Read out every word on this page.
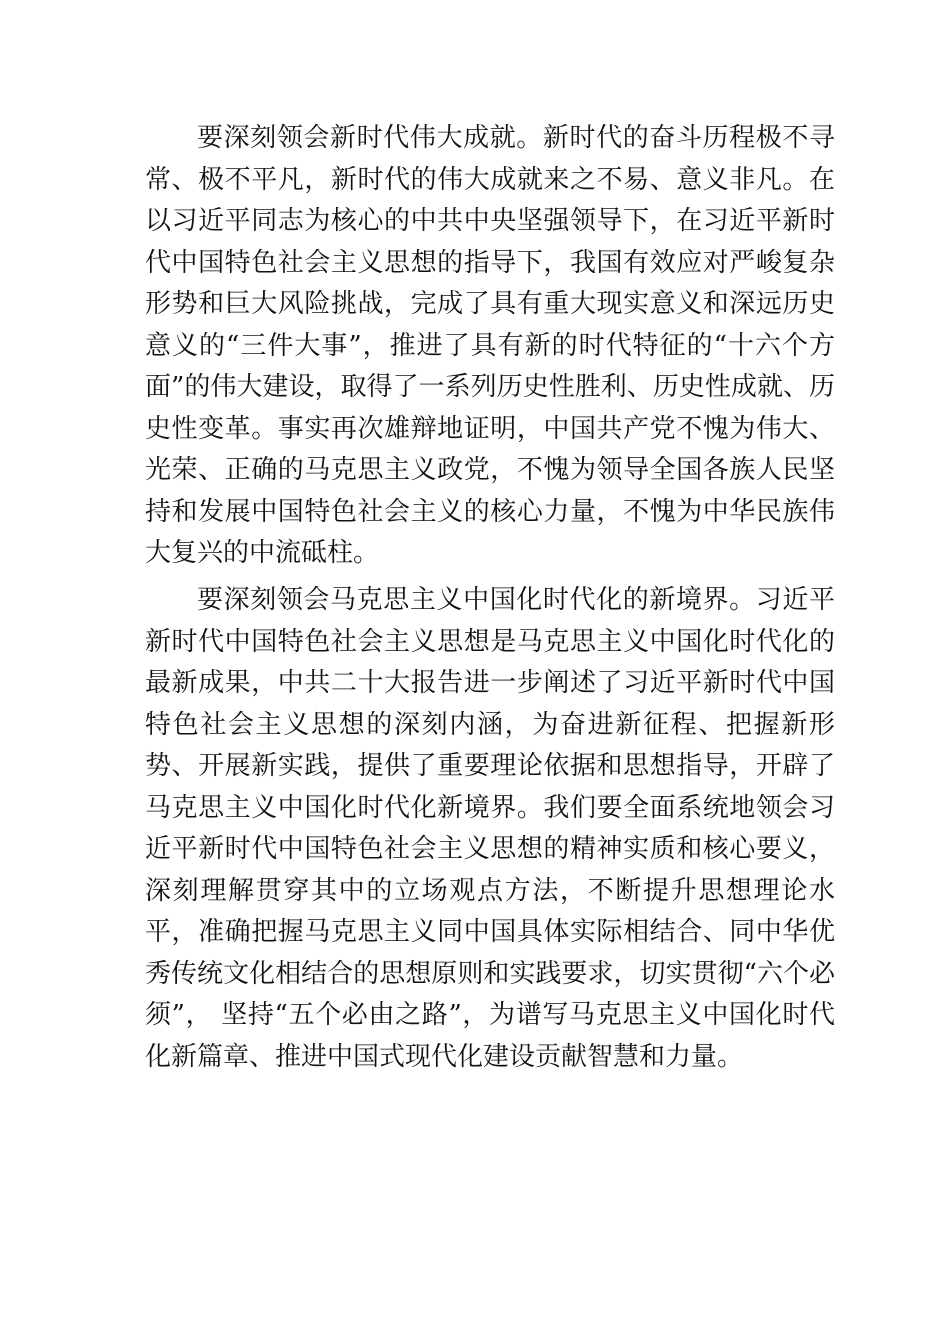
要深刻领会新时代伟大成就。新时代的奋斗历程极不寻常、极不平凡，新时代的伟大成就来之不易、意义非凡。在以习近平同志为核心的中共中央坚强领导下，在习近平新时代中国特色社会主义思想的指导下，我国有效应对严峻复杂形势和巨大风险挑战，完成了具有重大现实意义和深远历史意义的“三件大事”，推进了具有新的时代特征的“十六个方面”的伟大建设，取得了一系列历史性胜利、历史性成就、历史性变革。事实再次雄辩地证明，中国共产党不愧为伟大、光荣、正确的马克思主义政党，不愧为领导全国各族人民坚持和发展中国特色社会主义的核心力量，不愧为中华民族伟大复兴的中流砥柱。

要深刻领会马克思主义中国化时代化的新境界。习近平新时代中国特色社会主义思想是马克思主义中国化时代化的 最新成果，中共二十大报告进一步阐述了习近平新时代中国特色社会主义思想的深刻内涵，为奋进新征程、把握新形势、开展新实践，提供了重要理论依据和思想指导，开辟了马克思主义中国化时代化新境界。我们要全面系统地领会习近平新时代中国特色社会主义思想的精神实质和核心要义，深刻理解贯穿其中的立场观点方法，不断提升思想理论水平，准确把握马克思主义同中国具体实际相结合、同中华优秀传统文化相结合的思想原则和实践要求，切实贯彻“六个必须”， 坚持“五个必由之路”，为谱写马克思主义中国化时代化新篇章、推进中国式现代化建设贡献智慧和力量。
